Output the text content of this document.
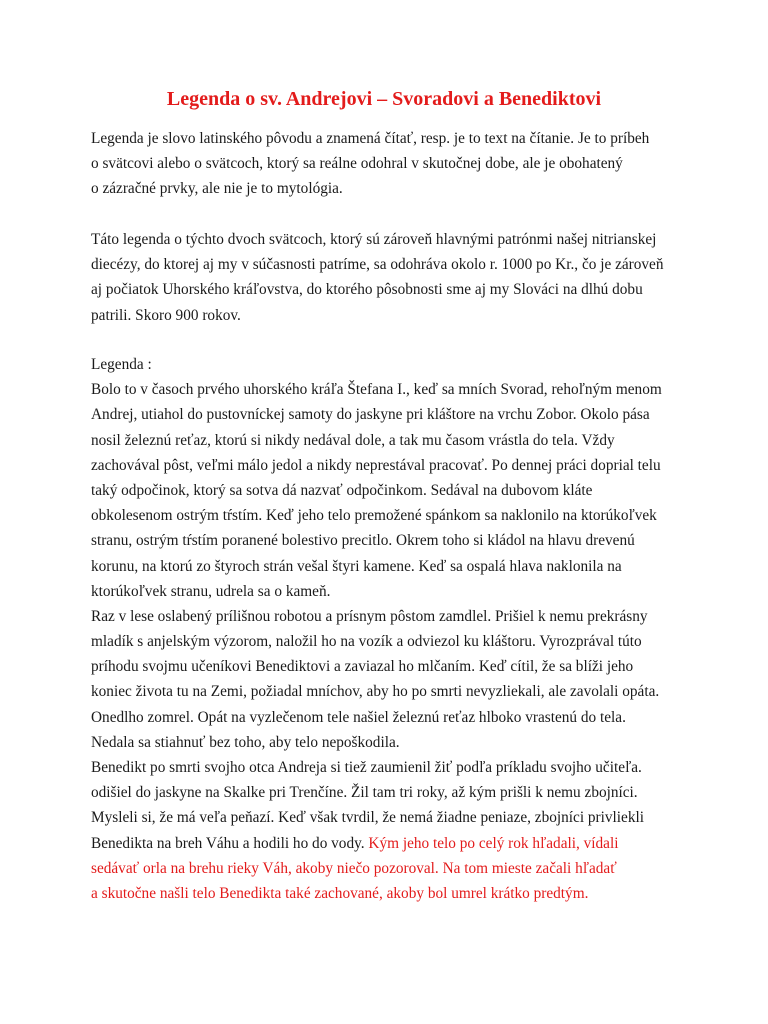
Legenda o sv. Andrejovi – Svoradovi a Benediktovi
Legenda je slovo latinského pôvodu a znamená čítať, resp. je to text na čítanie. Je to príbeh
o svätcovi alebo o svätcoch, ktorý sa reálne odohral v skutočnej dobe, ale je obohatený
o zázračné prvky, ale nie je to mytológia.
Táto legenda o týchto dvoch svätcoch, ktorý sú zároveň hlavnými patrónmi našej nitrianskej
diecézy, do ktorej aj my v súčasnosti patríme, sa odohráva okolo r. 1000 po Kr., čo je zároveň
aj počiatok Uhorského kráľovstva, do ktorého pôsobnosti sme aj my Slováci na dlhú dobu
patrili. Skoro 900 rokov.
Legenda :
Bolo to v časoch prvého uhorského kráľa Štefana I., keď sa mních Svorad, rehoľným menom
Andrej, utiahol do pustovníckej samoty do jaskyne pri kláštore na vrchu Zobor. Okolo pása
nosil železnú reťaz, ktorú si nikdy nedával dole, a tak mu časom vrástla do tela. Vždy
zachovával pôst, veľmi málo jedol a nikdy neprestával pracovať. Po dennej práci doprial telu
taký odpočinok, ktorý sa sotva dá nazvať odpočinkom. Sedával na dubovom kláte
obkolesenom ostrým tŕstím. Keď jeho telo premožené spánkom sa naklonilo na ktorúkoľvek
stranu, ostrým tŕstím poranené bolestivo precitlo. Okrem toho si kládol na hlavu drevenú
korunu, na ktorú zo štyroch strán vešal štyri kamene. Keď sa ospalá hlava naklonila na
ktorúkoľvek stranu, udrela sa o kameň.
Raz v lese oslabený prílišnou robotou a prísnym pôstom zamdlel. Prišiel k nemu prekrásny
mladík s anjelským výzorom, naložil ho na vozík a odviezol ku kláštoru. Vyrozprával túto
príhodu svojmu učeníkovi Benediktovi a zaviazal ho mlčaním. Keď cítil, že sa blíži jeho
koniec života tu na Zemi, požiadal mníchov, aby ho po smrti nevyzliekali, ale zavolali opáta.
Onedlho zomrel. Opát na vyzlečenom tele našiel železnú reťaz hlboko vrastenú do tela.
Nedala sa stiahnuť bez toho, aby telo nepoškodila.
Benedikt po smrti svojho otca Andreja si tiež zaumienil žiť podľa príkladu svojho učiteľa.
odišiel do jaskyne na Skalke pri Trenčíne. Žil tam tri roky, až kým prišli k nemu zbojníci.
Mysleli si, že má veľa peňazí. Keď však tvrdil, že nemá žiadne peniaze, zbojníci privliekli
Benedikta na breh Váhu a hodili ho do vody. Kým jeho telo po celý rok hľadali, vídali
sedávať orla na brehu rieky Váh, akoby niečo pozoroval. Na tom mieste začali hľadať
a skutočne našli telo Benedikta také zachované, akoby bol umrel krátko predtým.
